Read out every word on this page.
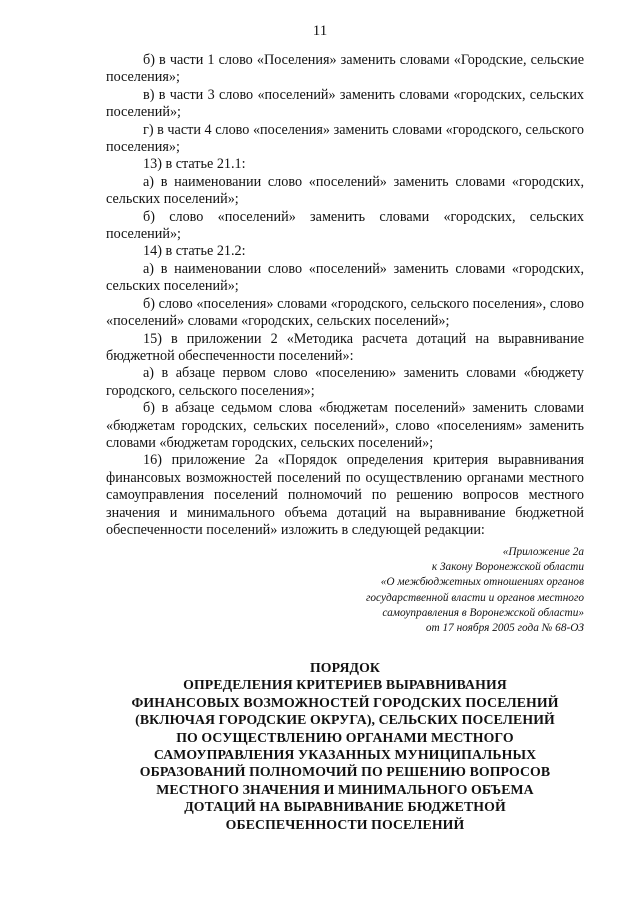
11

б) в части 1 слово «Поселения» заменить словами «Городские, сельские поселения»;

в) в части 3 слово «поселений» заменить словами «городских, сельских поселений»;

г) в части 4 слово «поселения» заменить словами «городского, сельского поселения»;

13) в статье 21.1:

а) в наименовании слово «поселений» заменить словами «городских, сельских поселений»;

б) слово «поселений» заменить словами «городских, сельских поселений»;

14) в статье 21.2:

а) в наименовании слово «поселений» заменить словами «городских, сельских поселений»;

б) слово «поселения» словами «городского, сельского поселения», слово «поселений» словами «городских, сельских поселений»;

15) в приложении 2 «Методика расчета дотаций на выравнивание бюджетной обеспеченности поселений»:

а) в абзаце первом слово «поселению» заменить словами «бюджету городского, сельского поселения»;

б) в абзаце седьмом слова «бюджетам поселений» заменить словами «бюджетам городских, сельских поселений», слово «поселениям» заменить словами «бюджетам городских, сельских поселений»;

16) приложение 2а «Порядок определения критерия выравнивания финансовых возможностей поселений по осуществлению органами местного самоуправления поселений полномочий по решению вопросов местного значения и минимального объема дотаций на выравнивание бюджетной обеспеченности поселений» изложить в следующей редакции:

«Приложение 2а
к Закону Воронежской области
«О межбюджетных отношениях органов
государственной власти и органов местного
самоуправления в Воронежской области»
от 17 ноября 2005 года № 68-ОЗ
ПОРЯДОК
ОПРЕДЕЛЕНИЯ КРИТЕРИЕВ ВЫРАВНИВАНИЯ
ФИНАНСОВЫХ ВОЗМОЖНОСТЕЙ ГОРОДСКИХ ПОСЕЛЕНИЙ
(ВКЛЮЧАЯ ГОРОДСКИЕ ОКРУГА), СЕЛЬСКИХ ПОСЕЛЕНИЙ
ПО ОСУЩЕСТВЛЕНИЮ ОРГАНАМИ МЕСТНОГО
САМОУПРАВЛЕНИЯ УКАЗАННЫХ МУНИЦИПАЛЬНЫХ
ОБРАЗОВАНИЙ ПОЛНОМОЧИЙ ПО РЕШЕНИЮ ВОПРОСОВ
МЕСТНОГО ЗНАЧЕНИЯ И МИНИМАЛЬНОГО ОБЪЕМА
ДОТАЦИЙ НА ВЫРАВНИВАНИЕ БЮДЖЕТНОЙ
ОБЕСПЕЧЕННОСТИ ПОСЕЛЕНИЙ
